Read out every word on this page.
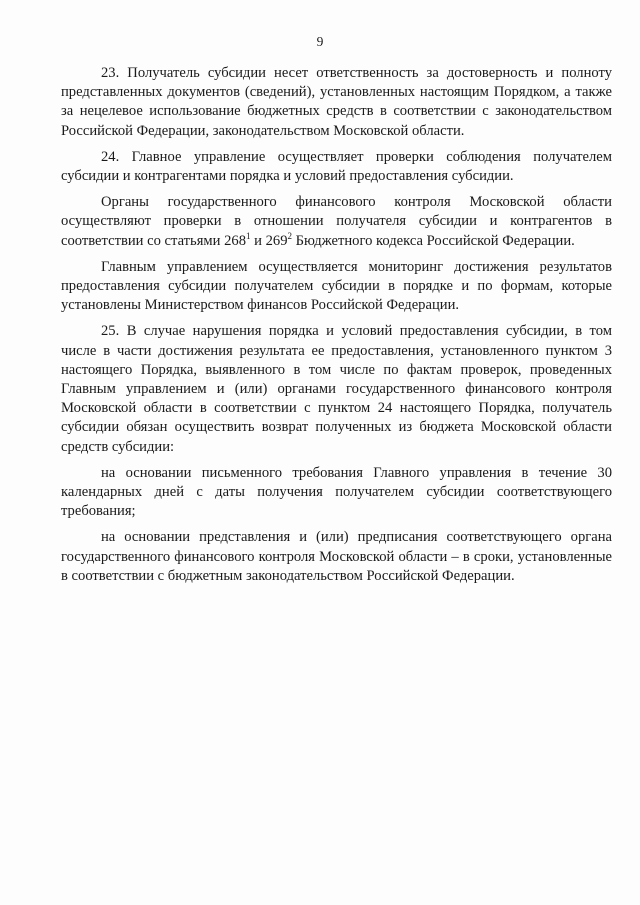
9

23. Получатель субсидии несет ответственность за достоверность и полноту представленных документов (сведений), установленных настоящим Порядком, а также за нецелевое использование бюджетных средств в соответствии с законодательством Российской Федерации, законодательством Московской области.

24. Главное управление осуществляет проверки соблюдения получателем субсидии и контрагентами порядка и условий предоставления субсидии.

Органы государственного финансового контроля Московской области осуществляют проверки в отношении получателя субсидии и контрагентов в соответствии со статьями $268^1$ и $269^2$ Бюджетного кодекса Российской Федерации.

Главным управлением осуществляется мониторинг достижения результатов предоставления субсидии получателем субсидии в порядке и по формам, которые установлены Министерством финансов Российской Федерации.

25. В случае нарушения порядка и условий предоставления субсидии, в том числе в части достижения результата ее предоставления, установленного пунктом 3 настоящего Порядка, выявленного в том числе по фактам проверок, проведенных Главным управлением и (или) органами государственного финансового контроля Московской области в соответствии с пунктом 24 настоящего Порядка, получатель субсидии обязан осуществить возврат полученных из бюджета Московской области средств субсидии:

на основании письменного требования Главного управления в течение 30 календарных дней с даты получения получателем субсидии соответствующего требования;

на основании представления и (или) предписания соответствующего органа государственного финансового контроля Московской области – в сроки, установленные в соответствии с бюджетным законодательством Российской Федерации.
